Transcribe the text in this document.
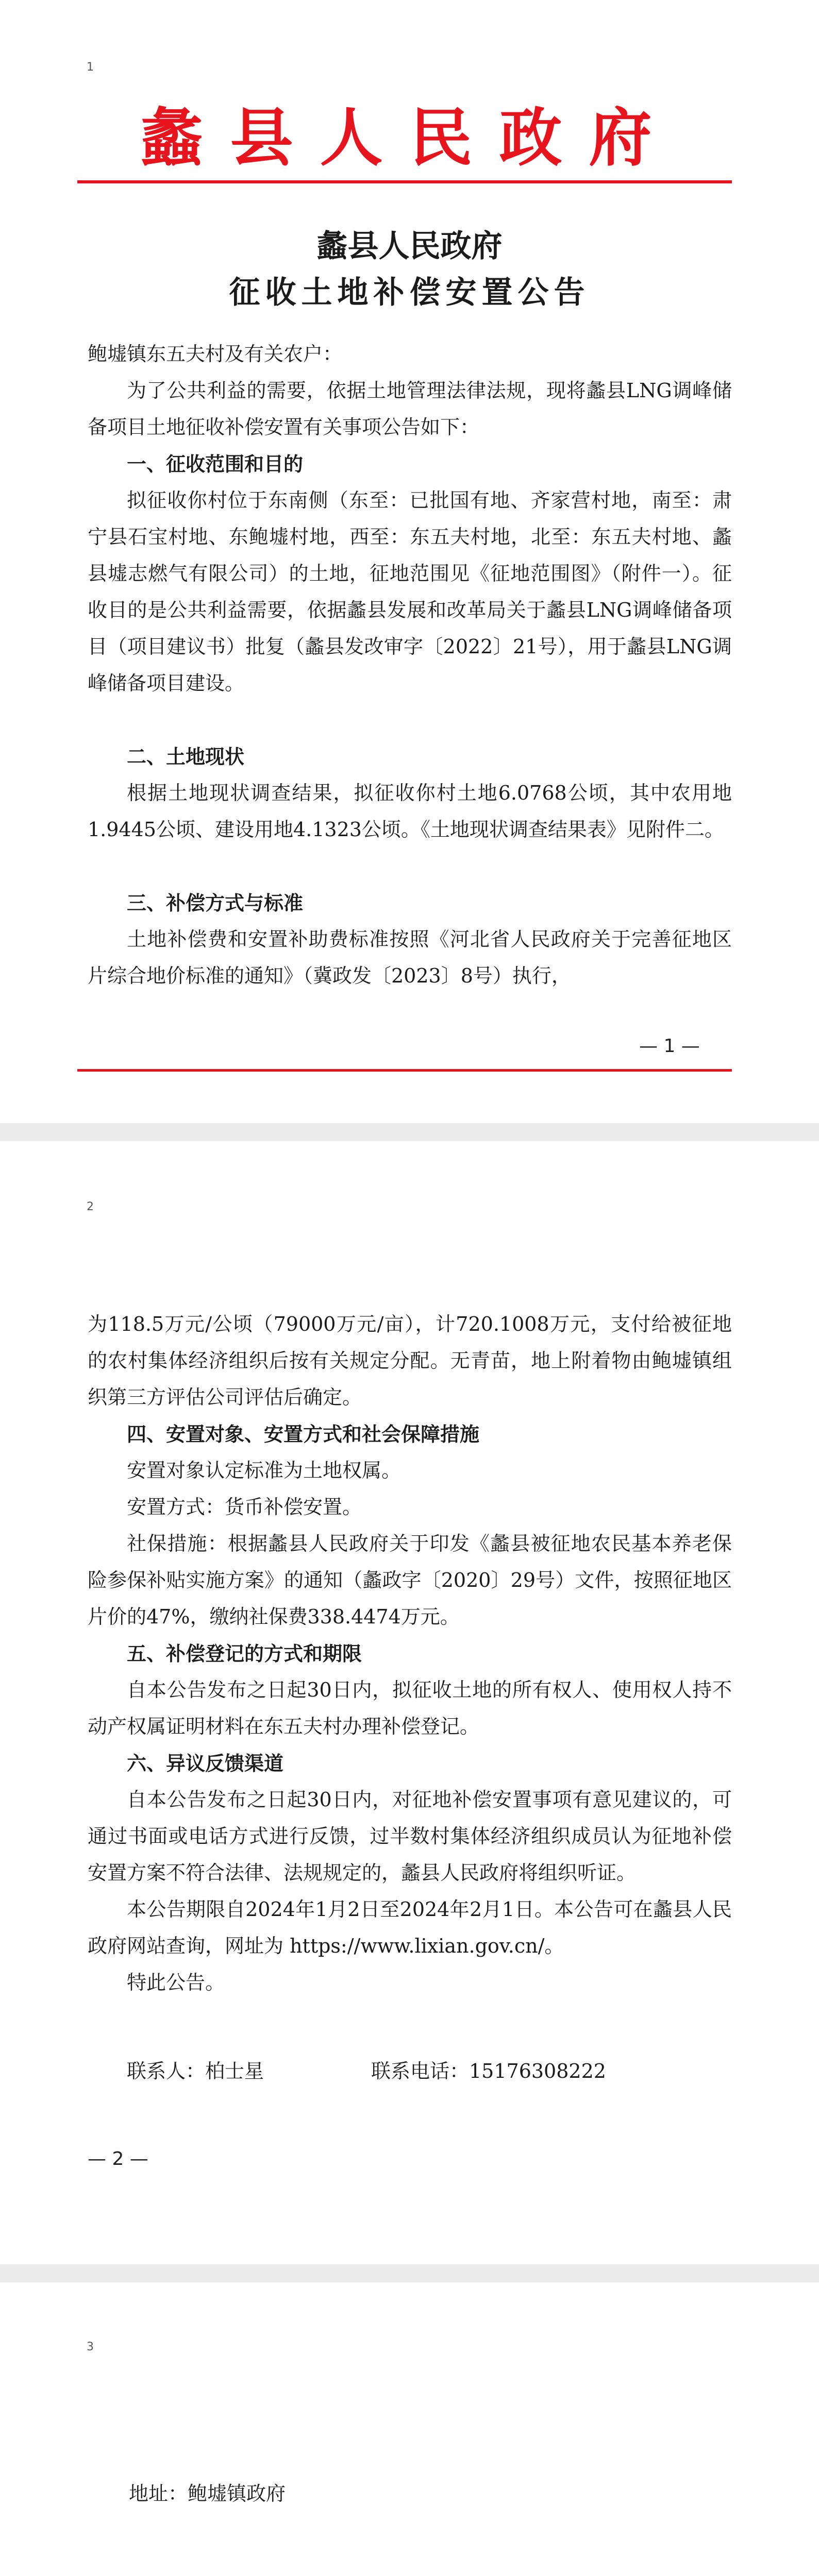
1
蠡县人民政府
蠡县人民政府
征收土地补偿安置公告
鲍墟镇东五夫村及有关农户：
为了公共利益的需要，依据土地管理法律法规，现将蠡县LNG调峰储备项目土地征收补偿安置有关事项公告如下：
一、征收范围和目的
拟征收你村位于东南侧（东至：已批国有地、齐家营村地，南至：肃宁县石宝村地、东鲍墟村地，西至：东五夫村地，北至：东五夫村地、蠡县墟志燃气有限公司）的土地，征地范围见《征地范围图》（附件一）。征收目的是公共利益需要，依据蠡县发展和改革局关于蠡县LNG调峰储备项目（项目建议书）批复（蠡县发改审字〔2022〕21号），用于蠡县LNG调峰储备项目建设。
二、土地现状
根据土地现状调查结果，拟征收你村土地6.0768公顷，其中农用地1.9445公顷、建设用地4.1323公顷。《土地现状调查结果表》见附件二。
三、补偿方式与标准
土地补偿费和安置补助费标准按照《河北省人民政府关于完善征地区片综合地价标准的通知》（冀政发〔2023〕8号）执行，
— 1 —
2
为118.5万元/公顷（79000万元/亩），计720.1008万元，支付给被征地的农村集体经济组织后按有关规定分配。无青苗，地上附着物由鲍墟镇组织第三方评估公司评估后确定。
四、安置对象、安置方式和社会保障措施
安置对象认定标准为土地权属。
安置方式：货币补偿安置。
社保措施：根据蠡县人民政府关于印发《蠡县被征地农民基本养老保险参保补贴实施方案》的通知（蠡政字〔2020〕29号）文件，按照征地区片价的47%，缴纳社保费338.4474万元。
五、补偿登记的方式和期限
自本公告发布之日起30日内，拟征收土地的所有权人、使用权人持不动产权属证明材料在东五夫村办理补偿登记。
六、异议反馈渠道
自本公告发布之日起30日内，对征地补偿安置事项有意见建议的，可通过书面或电话方式进行反馈，过半数村集体经济组织成员认为征地补偿安置方案不符合法律、法规规定的，蠡县人民政府将组织听证。
本公告期限自2024年1月2日至2024年2月1日。本公告可在蠡县人民政府网站查询，网址为 https://www.lixian.gov.cn/。
特此公告。
联系人：柏士星	联系电话：15176308222
— 2 —
3
地址：鲍墟镇政府
